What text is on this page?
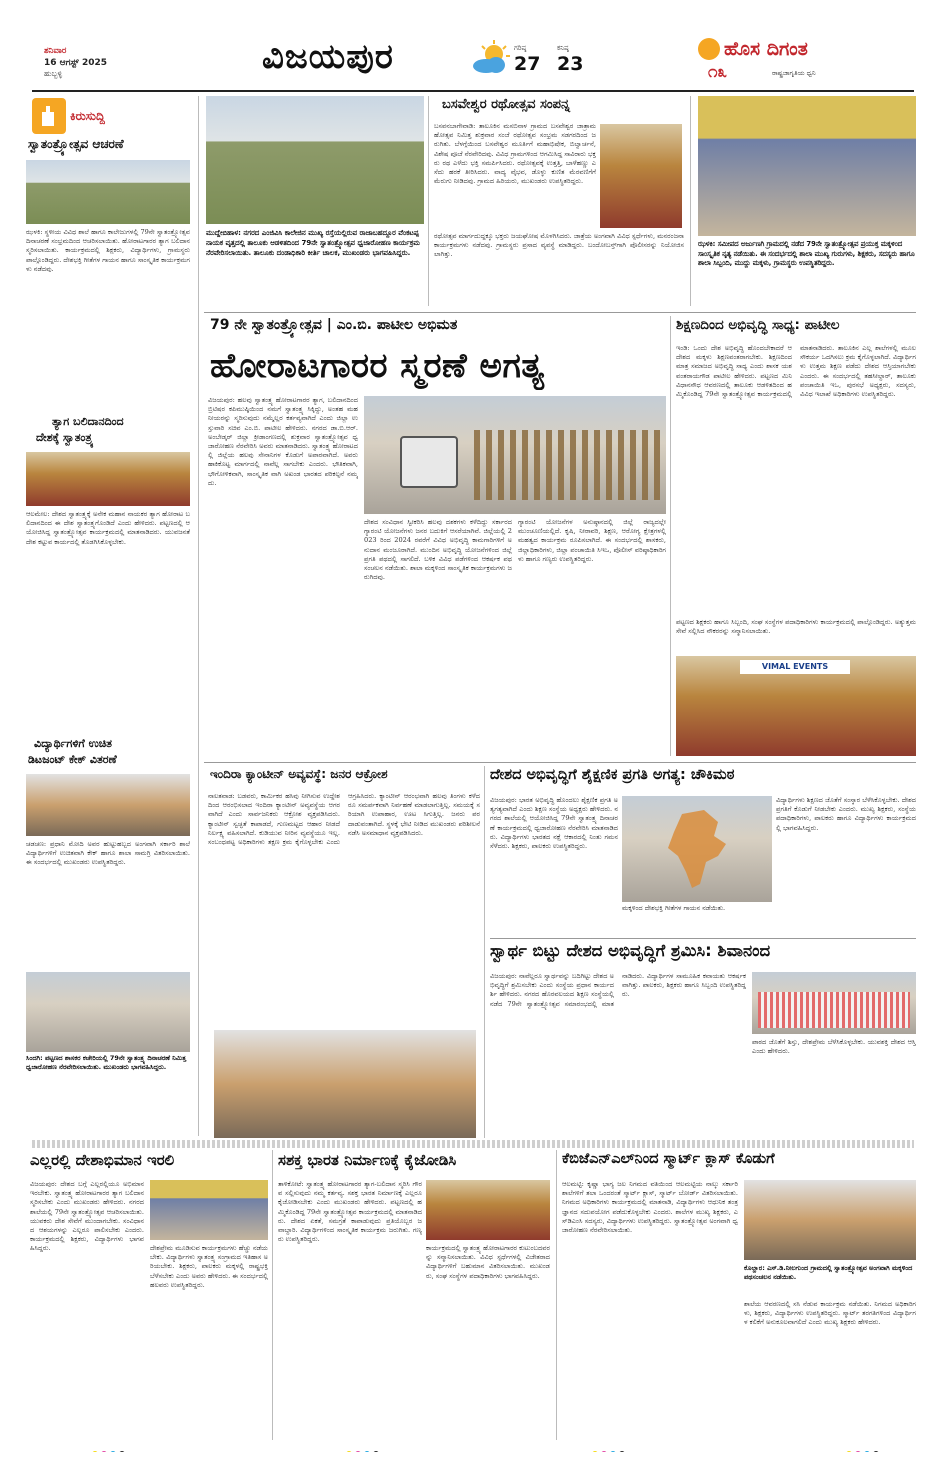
ಶನಿವಾರ
16 ಆಗಸ್ಟ್ 2025
ಹುಬ್ಬಳ್ಳಿ	ವಿಜಯಪುರ	ಗರಿಷ್ಠ
27
ಕನಿಷ್ಠ
23
ಹೊಸ ದಿಗಂತ
೧೩	ರಾಷ್ಟ್ರಜಾಗೃತಿಯ ಧ್ವನಿ
ಕಿರುಸುದ್ದಿ
ಸ್ವಾತಂತ್ರ್ಯೋತ್ಸವ ಆಚರಣೆ
ಝಳಕಿ: ಸ್ಥಳೀಯ ವಿವಿಧ ಶಾಲೆ ಹಾಗೂ ಕಾಲೇಜುಗಳಲ್ಲಿ 79ನೇ ಸ್ವಾತಂತ್ರ್ಯೋತ್ಸವ ದಿನಾಚರಣೆ ಸಂಭ್ರಮದಿಂದ ಆಚರಿಸಲಾಯಿತು. ಹೋರಾಟಗಾರರ ತ್ಯಾಗ ಬಲಿದಾನ ಸ್ಮರಿಸಲಾಯಿತು. ಕಾರ್ಯಕ್ರಮದಲ್ಲಿ ಶಿಕ್ಷಕರು, ವಿದ್ಯಾರ್ಥಿಗಳು, ಗ್ರಾಮಸ್ಥರು ಪಾಲ್ಗೊಂಡಿದ್ದರು. ದೇಶಭಕ್ತಿ ಗೀತೆಗಳ ಗಾಯನ ಹಾಗೂ ಸಾಂಸ್ಕೃತಿಕ ಕಾರ್ಯಕ್ರಮಗಳು ನಡೆದವು.
ತ್ಯಾಗ ಬಲಿದಾನದಿಂದ
ದೇಶಕ್ಕೆ ಸ್ವಾತಂತ್ರ್ಯ
ಆಲಮೇಲ: ದೇಶದ ಸ್ವಾತಂತ್ರ್ಯಕ್ಕೆ ಅನೇಕ ಮಹಾನ ನಾಯಕರ ತ್ಯಾಗ ಹೋರಾಟ ಬಲಿದಾನದಿಂದ ಈ ದೇಶ ಸ್ವಾತಂತ್ರ್ಯಗೊಂಡಿದೆ ಎಂದು ಹೇಳಿದರು. ಪಟ್ಟಣದಲ್ಲಿ ಆಯೋಜಿಸಿದ್ದ ಸ್ವಾತಂತ್ರ್ಯೋತ್ಸವ ಕಾರ್ಯಕ್ರಮದಲ್ಲಿ ಮಾತನಾಡಿದರು. ಯುವಜನತೆ ದೇಶ ಕಟ್ಟುವ ಕಾರ್ಯದಲ್ಲಿ ತೊಡಗಿಸಿಕೊಳ್ಳಬೇಕು.
ವಿದ್ಯಾರ್ಥಿಗಳಿಗೆ ಉಚಿತ
ಡಿಟಜಂಟ್ ಕೇಕ್ ವಿತರಣೆ
ಚಡಚಣ: ಪ್ರಧಾನಿ ಮೋದಿ ಅವರ ಹುಟ್ಟುಹಬ್ಬದ ಅಂಗವಾಗಿ ಸರ್ಕಾರಿ ಶಾಲೆ ವಿದ್ಯಾರ್ಥಿಗಳಿಗೆ ಉಚಿತವಾಗಿ ಕೇಕ್ ಹಾಗೂ ಶಾಲಾ ಸಾಮಗ್ರಿ ವಿತರಿಸಲಾಯಿತು. ಈ ಸಂದರ್ಭದಲ್ಲಿ ಮುಖಂಡರು ಉಪಸ್ಥಿತರಿದ್ದರು.
ಸಿಂದಗಿ: ಪಟ್ಟಣದ ಶಾಸಕರ ಕಚೇರಿಯಲ್ಲಿ 79ನೇ ಸ್ವಾತಂತ್ರ್ಯ ದಿನಾಚರಣೆ ನಿಮಿತ್ತ ಧ್ವಜಾರೋಹಣ ನೆರವೇರಿಸಲಾಯಿತು. ಮುಖಂಡರು ಭಾಗವಹಿಸಿದ್ದರು.
ಮುದ್ದೇಬಿಹಾಳ: ನಗರದ ಎಂಜಿವಿಸಿ ಕಾಲೇಜಿನ ಮುಖ್ಯ ರಸ್ತೆಯಲ್ಲಿರುವ ರಾಜಾಬಹದ್ದೂರ ವೆಂಕಟಪ್ಪ ನಾಯಕ ವೃತ್ತದಲ್ಲಿ ತಾಲೂಕು ಆಡಳಿತದಿಂದ 79ನೇ ಸ್ವಾತಂತ್ರ್ಯೋತ್ಸವ ಧ್ವಜಾರೋಹಣ ಕಾರ್ಯಕ್ರಮ ನೆರವೇರಿಸಲಾಯಿತು. ತಾಲೂಕು ದಂಡಾಧಿಕಾರಿ ಕೀರ್ತಿ ಚಾಲಕ, ಮುಖಂಡರು ಭಾಗವಹಿಸಿದ್ದರು.
ಬಸವೇಶ್ವರ ರಥೋತ್ಸವ ಸಂಪನ್ನ
ಬಸವನಬಾಗೇವಾಡಿ: ತಾಲೂಕಿನ ಮಸಬಿನಾಳ ಗ್ರಾಮದ ಬಸವೇಶ್ವರ ಜಾತ್ರಾಮಹೋತ್ಸವ ನಿಮಿತ್ತ ಶುಕ್ರವಾರ ಸಂಜೆ ರಥೋತ್ಸವ ಸಂಭ್ರಮ ಸಡಗರದಿಂದ ಜರುಗಿತು. ಬೆಳಗ್ಗೆಯಿಂದ ಬಸವೇಶ್ವರ ಮೂರ್ತಿಗೆ ಮಹಾಭಿಷೇಕ, ಬಿಲ್ವಾರ್ಚನೆ, ವಿಶೇಷ ಪೂಜೆ ನೆರವೇರಿದವು. ವಿವಿಧ ಗ್ರಾಮಗಳಿಂದ ಆಗಮಿಸಿದ್ದ ಸಾವಿರಾರು ಭಕ್ತರು ರಥ ಎಳೆದು ಭಕ್ತಿ ಸಮರ್ಪಿಸಿದರು. ರಥೋತ್ಸವಕ್ಕೆ ಉತ್ತತ್ತಿ, ಬಾಳೆಹಣ್ಣು ಎಸೆದು ಹರಕೆ ತೀರಿಸಿದರು. ವಾದ್ಯ ವೈಭವ, ಡೊಳ್ಳು ಕುಣಿತ ಮೆರವಣಿಗೆಗೆ ಮೆರುಗು ನೀಡಿದವು. ಗ್ರಾಮದ ಹಿರಿಯರು, ಮುಖಂಡರು ಉಪಸ್ಥಿತರಿದ್ದರು.
ರಥೋತ್ಸವ ಮಾರ್ಗದುದ್ದಕ್ಕೂ ಭಕ್ತರು ಜಯಘೋಷ ಮೊಳಗಿಸಿದರು. ಜಾತ್ರೆಯ ಅಂಗವಾಗಿ ವಿವಿಧ ಸ್ಪರ್ಧೆಗಳು, ಮನರಂಜನಾ ಕಾರ್ಯಕ್ರಮಗಳು ನಡೆದವು. ಗ್ರಾಮಸ್ಥರು ಪ್ರಸಾದ ವ್ಯವಸ್ಥೆ ಮಾಡಿದ್ದರು. ಬಂದೋಬಸ್ತ್‌ಗಾಗಿ ಪೊಲೀಸರನ್ನು ನಿಯೋಜಿಸಲಾಗಿತ್ತು.
ಝಳಕಿ: ಸಮೀಪದ ಅರ್ಜುಣಗಿ ಗ್ರಾಮದಲ್ಲಿ ನಡೆದ 79ನೇ ಸ್ವಾತಂತ್ರ್ಯೋತ್ಸವ ಪ್ರಯುಕ್ತ ಮಕ್ಕಳಿಂದ ಸಾಂಸ್ಕೃತಿಕ ನೃತ್ಯ ನಡೆಯಿತು. ಈ ಸಂದರ್ಭದಲ್ಲಿ ಶಾಲಾ ಮುಖ್ಯ ಗುರುಗಳು, ಶಿಕ್ಷಕರು, ಸದಸ್ಯರು ಹಾಗೂ ಶಾಲಾ ಸಿಬ್ಬಂದಿ, ಮುದ್ದು ಮಕ್ಕಳು, ಗ್ರಾಮಸ್ಥರು ಉಪಸ್ಥಿತರಿದ್ದರು.
79 ನೇ ಸ್ವಾತಂತ್ರ್ಯೋತ್ಸವ | ಎಂ.ಬಿ. ಪಾಟೀಲ ಅಭಿಮತ
ಹೋರಾಟಗಾರರ ಸ್ಮರಣೆ ಅಗತ್ಯ
ವಿಜಯಪುರ: ಹಲವು ಸ್ವಾತಂತ್ರ್ಯ ಹೋರಾಟಗಾರರ ತ್ಯಾಗ, ಬಲಿದಾನದಿಂದ ಬ್ರಿಟಿಷರ ಕಪಿಮುಷ್ಠಿಯಿಂದ ನಮಗೆ ಸ್ವಾತಂತ್ರ್ಯ ಸಿಕ್ಕಿದ್ದು, ಅಂತಹ ಮಹನೀಯರನ್ನು ಸ್ಮರಿಸುವುದು ನಮ್ಮೆಲ್ಲರ ಕರ್ತವ್ಯವಾಗಿದೆ ಎಂದು ಜಿಲ್ಲಾ ಉಸ್ತುವಾರಿ ಸಚಿವ ಎಂ.ಬಿ. ಪಾಟೀಲ ಹೇಳಿದರು. ನಗರದ ಡಾ.ಬಿ.ಆರ್. ಅಂಬೇಡ್ಕರ್ ಜಿಲ್ಲಾ ಕ್ರೀಡಾಂಗಣದಲ್ಲಿ ಶುಕ್ರವಾರ ಸ್ವಾತಂತ್ರ್ಯೋತ್ಸವ ಧ್ವಜಾರೋಹಣ ನೆರವೇರಿಸಿ ಅವರು ಮಾತನಾಡಿದರು. ಸ್ವಾತಂತ್ರ್ಯ ಹೋರಾಟದಲ್ಲಿ ಜಿಲ್ಲೆಯ ಹಲವು ಸೇನಾನಿಗಳ ಕೊಡುಗೆ ಅಪಾರವಾಗಿದೆ. ಅವರು ಹಾಕಿಕೊಟ್ಟ ಮಾರ್ಗದಲ್ಲಿ ನಾವೆಲ್ಲ ಸಾಗಬೇಕು ಎಂದರು. ಭೌತಿಕವಾಗಿ, ಭೌಗೋಳಿಕವಾಗಿ, ಸಾಂಸ್ಕೃತಿಕ ವಾಗಿ ಅಖಂಡ ಭಾರತದ ಪರಿಕಲ್ಪನೆ ನಮ್ಮದು.
ದೇಶದ ಸಂವಿಧಾನ ಸ್ವೀಕರಿಸಿ ಹಲವು ದಶಕಗಳು ಕಳೆದಿದ್ದು ಸರ್ಕಾರದ ಗ್ಯಾರಂಟಿ ಯೋಜನೆಗಳು ಜನರ ಬದುಕಿಗೆ ಆಸರೆಯಾಗಿವೆ. ಜಿಲ್ಲೆಯಲ್ಲಿ 2023 ರಿಂದ 2024 ರವರೆಗೆ ವಿವಿಧ ಅಭಿವೃದ್ಧಿ ಕಾಮಗಾರಿಗಳಿಗೆ ಅನುದಾನ ಮಂಜೂರಾಗಿದೆ. ಮುಂದಿನ ಅಭಿವೃದ್ಧಿ ಯೋಜನೆಗಳಿಂದ ಜಿಲ್ಲೆ ಪ್ರಗತಿ ಪಥದಲ್ಲಿ ಸಾಗಲಿದೆ. ಬಳಿಕ ವಿವಿಧ ಪಡೆಗಳಿಂದ ಆಕರ್ಷಕ ಪಥಸಂಚಲನ ನಡೆಯಿತು. ಶಾಲಾ ಮಕ್ಕಳಿಂದ ಸಾಂಸ್ಕೃತಿಕ ಕಾರ್ಯಕ್ರಮಗಳು ಜರುಗಿದವು.
ಗ್ಯಾರಂಟಿ ಯೋಜನೆಗಳ ಅನುಷ್ಠಾನದಲ್ಲಿ ಜಿಲ್ಲೆ ರಾಜ್ಯದಲ್ಲೇ ಮುಂಚೂಣಿಯಲ್ಲಿದೆ. ಕೃಷಿ, ನೀರಾವರಿ, ಶಿಕ್ಷಣ, ಆರೋಗ್ಯ ಕ್ಷೇತ್ರಗಳಲ್ಲಿ ಮಹತ್ವದ ಕಾರ್ಯಕ್ರಮ ರೂಪಿಸಲಾಗಿದೆ. ಈ ಸಂದರ್ಭದಲ್ಲಿ ಶಾಸಕರು, ಜಿಲ್ಲಾಧಿಕಾರಿಗಳು, ಜಿಲ್ಲಾ ಪಂಚಾಯಿತಿ ಸಿಇಒ, ಪೊಲೀಸ್ ವರಿಷ್ಠಾಧಿಕಾರಿಗಳು ಹಾಗೂ ಗಣ್ಯರು ಉಪಸ್ಥಿತರಿದ್ದರು.
ಶಿಕ್ಷಣದಿಂದ ಅಭಿವೃದ್ಧಿ ಸಾಧ್ಯ: ಪಾಟೀಲ
ಇಂಡಿ: ಒಂದು ದೇಶ ಅಭಿವೃದ್ಧಿ ಹೊಂದಬೇಕಾದರೆ ಆ ದೇಶದ ಮಕ್ಕಳು ಶಿಕ್ಷಣವಂತರಾಗಬೇಕು. ಶಿಕ್ಷಣದಿಂದ ಮಾತ್ರ ಸಮಾಜದ ಅಭಿವೃದ್ಧಿ ಸಾಧ್ಯ ಎಂದು ಶಾಸಕ ಯಶವಂತರಾಯಗೌಡ ಪಾಟೀಲ ಹೇಳಿದರು. ಪಟ್ಟಣದ ಮಿನಿ ವಿಧಾನಸೌಧ ಆವರಣದಲ್ಲಿ ತಾಲೂಕು ಆಡಳಿತದಿಂದ ಹಮ್ಮಿಕೊಂಡಿದ್ದ 79ನೇ ಸ್ವಾತಂತ್ರ್ಯೋತ್ಸವ ಕಾರ್ಯಕ್ರಮದಲ್ಲಿ ಮಾತನಾಡಿದರು. ತಾಲೂಕಿನ ಎಲ್ಲ ಶಾಲೆಗಳಲ್ಲಿ ಮೂಲ ಸೌಕರ್ಯ ಒದಗಿಸಲು ಕ್ರಮ ಕೈಗೊಳ್ಳಲಾಗಿದೆ. ವಿದ್ಯಾರ್ಥಿಗಳು ಉತ್ತಮ ಶಿಕ್ಷಣ ಪಡೆದು ದೇಶದ ಆಸ್ತಿಯಾಗಬೇಕು ಎಂದರು. ಈ ಸಂದರ್ಭದಲ್ಲಿ ತಹಸೀಲ್ದಾರ್, ತಾಲೂಕು ಪಂಚಾಯಿತಿ ಇಒ, ಪುರಸಭೆ ಅಧ್ಯಕ್ಷರು, ಸದಸ್ಯರು, ವಿವಿಧ ಇಲಾಖೆ ಅಧಿಕಾರಿಗಳು ಉಪಸ್ಥಿತರಿದ್ದರು.
VIMAL EVENTS
ಪಟ್ಟಣದ ಶಿಕ್ಷಕರು ಹಾಗೂ ಸಿಬ್ಬಂದಿ, ಸಂಘ ಸಂಸ್ಥೆಗಳ ಪದಾಧಿಕಾರಿಗಳು ಕಾರ್ಯಕ್ರಮದಲ್ಲಿ ಪಾಲ್ಗೊಂಡಿದ್ದರು. ಅತ್ಯುತ್ತಮ ಸೇವೆ ಸಲ್ಲಿಸಿದ ನೌಕರರನ್ನು ಸನ್ಮಾನಿಸಲಾಯಿತು.
ಇಂದಿರಾ ಕ್ಯಾಂಟೀನ್ ಅವ್ಯವಸ್ಥೆ: ಜನರ ಆಕ್ರೋಶ
ನಾಲತವಾಡ: ಬಡವರು, ಕಾರ್ಮಿಕರ ಹಸಿವು ನೀಗಿಸುವ ಉದ್ದೇಶದಿಂದ ಆರಂಭಿಸಲಾದ ಇಂದಿರಾ ಕ್ಯಾಂಟೀನ್ ಅವ್ಯವಸ್ಥೆಯ ಆಗರವಾಗಿದೆ ಎಂದು ಸಾರ್ವಜನಿಕರು ಆಕ್ರೋಶ ವ್ಯಕ್ತಪಡಿಸಿದರು. ಕ್ಯಾಂಟೀನ್ ಸ್ವಚ್ಛತೆ ಕಾಪಾಡದೆ, ಗುಣಮಟ್ಟದ ಆಹಾರ ನೀಡದೆ ನಿರ್ಲಕ್ಷ್ಯ ವಹಿಸಲಾಗಿದೆ. ಕುಡಿಯುವ ನೀರಿನ ವ್ಯವಸ್ಥೆಯೂ ಇಲ್ಲ. ಸಂಬಂಧಪಟ್ಟ ಅಧಿಕಾರಿಗಳು ತಕ್ಷಣ ಕ್ರಮ ಕೈಗೊಳ್ಳಬೇಕು ಎಂದು ಆಗ್ರಹಿಸಿದರು. ಕ್ಯಾಂಟೀನ್ ಆರಂಭವಾಗಿ ಹಲವು ತಿಂಗಳು ಕಳೆದರೂ ಸಮರ್ಪಕವಾಗಿ ನಿರ್ವಹಣೆ ಮಾಡಲಾಗುತ್ತಿಲ್ಲ. ಸಮಯಕ್ಕೆ ಸರಿಯಾಗಿ ಉಪಾಹಾರ, ಊಟ ಸಿಗುತ್ತಿಲ್ಲ. ಜನರು ಪರದಾಡುವಂತಾಗಿದೆ. ಸ್ಥಳಕ್ಕೆ ಭೇಟಿ ನೀಡಿದ ಮುಖಂಡರು ಪರಿಶೀಲನೆ ನಡೆಸಿ ಅಸಮಾಧಾನ ವ್ಯಕ್ತಪಡಿಸಿದರು.
ದೇಶದ ಅಭಿವೃದ್ಧಿಗೆ ಶೈಕ್ಷಣಿಕ ಪ್ರಗತಿ ಅಗತ್ಯ: ಚೌಕಿಮಠ
ವಿಜಯಪುರ: ಭಾರತ ಅಭಿವೃದ್ಧಿ ಹೊಂದಲು ಶೈಕ್ಷಣಿಕ ಪ್ರಗತಿ ಅತ್ಯಗತ್ಯವಾಗಿದೆ ಎಂದು ಶಿಕ್ಷಣ ಸಂಸ್ಥೆಯ ಅಧ್ಯಕ್ಷರು ಹೇಳಿದರು. ನಗರದ ಶಾಲೆಯಲ್ಲಿ ಆಯೋಜಿಸಿದ್ದ 79ನೇ ಸ್ವಾತಂತ್ರ್ಯ ದಿನಾಚರಣೆ ಕಾರ್ಯಕ್ರಮದಲ್ಲಿ ಧ್ವಜಾರೋಹಣ ನೆರವೇರಿಸಿ ಮಾತನಾಡಿದರು. ವಿದ್ಯಾರ್ಥಿಗಳು ಭಾರತದ ನಕ್ಷೆ ಆಕಾರದಲ್ಲಿ ನಿಂತು ಗಮನ ಸೆಳೆದರು. ಶಿಕ್ಷಕರು, ಪಾಲಕರು ಉಪಸ್ಥಿತರಿದ್ದರು.
ವಿದ್ಯಾರ್ಥಿಗಳು ಶಿಕ್ಷಣದ ಜೊತೆಗೆ ಸಂಸ್ಕಾರ ಬೆಳೆಸಿಕೊಳ್ಳಬೇಕು. ದೇಶದ ಪ್ರಗತಿಗೆ ಕೊಡುಗೆ ನೀಡಬೇಕು ಎಂದರು. ಮುಖ್ಯ ಶಿಕ್ಷಕರು, ಸಂಸ್ಥೆಯ ಪದಾಧಿಕಾರಿಗಳು, ಪಾಲಕರು ಹಾಗೂ ವಿದ್ಯಾರ್ಥಿಗಳು ಕಾರ್ಯಕ್ರಮದಲ್ಲಿ ಭಾಗವಹಿಸಿದ್ದರು.
ಮಕ್ಕಳಿಂದ ದೇಶಭಕ್ತಿ ಗೀತೆಗಳ ಗಾಯನ ನಡೆಯಿತು.
ಸ್ವಾರ್ಥ ಬಿಟ್ಟು ದೇಶದ ಅಭಿವೃದ್ಧಿಗೆ ಶ್ರಮಿಸಿ: ಶಿವಾನಂದ
ವಿಜಯಪುರ: ನಾವೆಲ್ಲರೂ ಸ್ವಾರ್ಥವನ್ನು ಬದಿಗಿಟ್ಟು ದೇಶದ ಅಭಿವೃದ್ಧಿಗೆ ಶ್ರಮಿಸಬೇಕು ಎಂದು ಸಂಸ್ಥೆಯ ಪ್ರಧಾನ ಕಾರ್ಯದರ್ಶಿ ಹೇಳಿದರು. ನಗರದ ಹೊರವಲಯದ ಶಿಕ್ಷಣ ಸಂಸ್ಥೆಯಲ್ಲಿ ನಡೆದ 79ನೇ ಸ್ವಾತಂತ್ರ್ಯೋತ್ಸವ ಸಮಾರಂಭದಲ್ಲಿ ಮಾತನಾಡಿದರು. ವಿದ್ಯಾರ್ಥಿಗಳ ಸಾಮೂಹಿಕ ಕವಾಯತು ಆಕರ್ಷಕವಾಗಿತ್ತು. ಪಾಲಕರು, ಶಿಕ್ಷಕರು ಹಾಗೂ ಸಿಬ್ಬಂದಿ ಉಪಸ್ಥಿತರಿದ್ದರು.
ಪಾಠದ ಜೊತೆಗೆ ಶಿಸ್ತು, ದೇಶಪ್ರೇಮ ಬೆಳೆಸಿಕೊಳ್ಳಬೇಕು. ಯುವಶಕ್ತಿ ದೇಶದ ಆಸ್ತಿ ಎಂದು ಹೇಳಿದರು.
ಎಲ್ಲರಲ್ಲಿ ದೇಶಾಭಿಮಾನ ಇರಲಿ
ವಿಜಯಪುರ: ದೇಶದ ಬಗ್ಗೆ ಎಲ್ಲರಲ್ಲಿಯೂ ಅಭಿಮಾನ ಇರಬೇಕು. ಸ್ವಾತಂತ್ರ್ಯ ಹೋರಾಟಗಾರರ ತ್ಯಾಗ ಬಲಿದಾನ ಸ್ಮರಿಸಬೇಕು ಎಂದು ಮುಖಂಡರು ಹೇಳಿದರು. ನಗರದ ಶಾಲೆಯಲ್ಲಿ 79ನೇ ಸ್ವಾತಂತ್ರ್ಯೋತ್ಸವ ಆಚರಿಸಲಾಯಿತು. ಯುವಕರು ದೇಶ ಸೇವೆಗೆ ಮುಂದಾಗಬೇಕು. ಸಂವಿಧಾನದ ಆಶಯಗಳನ್ನು ಎಲ್ಲರೂ ಪಾಲಿಸಬೇಕು ಎಂದರು. ಕಾರ್ಯಕ್ರಮದಲ್ಲಿ ಶಿಕ್ಷಕರು, ವಿದ್ಯಾರ್ಥಿಗಳು ಭಾಗವಹಿಸಿದ್ದರು.	ದೇಶಪ್ರೇಮ ಮೂಡಿಸುವ ಕಾರ್ಯಕ್ರಮಗಳು ಹೆಚ್ಚು ನಡೆಯಬೇಕು. ವಿದ್ಯಾರ್ಥಿಗಳು ಸ್ವಾತಂತ್ರ್ಯ ಸಂಗ್ರಾಮದ ಇತಿಹಾಸ ಅರಿಯಬೇಕು. ಶಿಕ್ಷಕರು, ಪಾಲಕರು ಮಕ್ಕಳಲ್ಲಿ ರಾಷ್ಟ್ರಭಕ್ತಿ ಬೆಳೆಸಬೇಕು ಎಂದು ಅವರು ಹೇಳಿದರು. ಈ ಸಂದರ್ಭದಲ್ಲಿ ಹಲವರು ಉಪಸ್ಥಿತರಿದ್ದರು.
ಸಶಕ್ತ ಭಾರತ ನಿರ್ಮಾಣಕ್ಕೆ ಕೈಜೋಡಿಸಿ
ತಾಳಿಕೋಟೆ: ಸ್ವಾತಂತ್ರ್ಯ ಹೋರಾಟಗಾರರ ತ್ಯಾಗ-ಬಲಿದಾನ ಸ್ಮರಿಸಿ ಗೌರವ ಸಲ್ಲಿಸುವುದು ನಮ್ಮ ಕರ್ತವ್ಯ. ಸಶಕ್ತ ಭಾರತ ನಿರ್ಮಾಣಕ್ಕೆ ಎಲ್ಲರೂ ಕೈಜೋಡಿಸಬೇಕು ಎಂದು ಮುಖಂಡರು ಹೇಳಿದರು. ಪಟ್ಟಣದಲ್ಲಿ ಹಮ್ಮಿಕೊಂಡಿದ್ದ 79ನೇ ಸ್ವಾತಂತ್ರ್ಯೋತ್ಸವ ಕಾರ್ಯಕ್ರಮದಲ್ಲಿ ಮಾತನಾಡಿದರು. ದೇಶದ ಏಕತೆ, ಸಮಗ್ರತೆ ಕಾಪಾಡುವುದು ಪ್ರತಿಯೊಬ್ಬರ ಜವಾಬ್ದಾರಿ. ವಿದ್ಯಾರ್ಥಿಗಳಿಂದ ಸಾಂಸ್ಕೃತಿಕ ಕಾರ್ಯಕ್ರಮ ಜರುಗಿತು. ಗಣ್ಯರು ಉಪಸ್ಥಿತರಿದ್ದರು.
ಕಾರ್ಯಕ್ರಮದಲ್ಲಿ ಸ್ವಾತಂತ್ರ್ಯ ಹೋರಾಟಗಾರರ ಕುಟುಂಬದವರನ್ನು ಸನ್ಮಾನಿಸಲಾಯಿತು. ವಿವಿಧ ಸ್ಪರ್ಧೆಗಳಲ್ಲಿ ವಿಜೇತರಾದ ವಿದ್ಯಾರ್ಥಿಗಳಿಗೆ ಬಹುಮಾನ ವಿತರಿಸಲಾಯಿತು. ಮುಖಂಡರು, ಸಂಘ ಸಂಸ್ಥೆಗಳ ಪದಾಧಿಕಾರಿಗಳು ಭಾಗವಹಿಸಿದ್ದರು.
ಕೆಬಿಜೆಎನ್ಎಲ್‌ನಿಂದ ಸ್ಮಾರ್ಟ್ ಕ್ಲಾಸ್ ಕೊಡುಗೆ
ಆಲಮಟ್ಟಿ: ಕೃಷ್ಣಾ ಭಾಗ್ಯ ಜಲ ನಿಗಮದ ವತಿಯಿಂದ ಆಲಮಟ್ಟಿಯ ನಾಲ್ಕು ಸರ್ಕಾರಿ ಶಾಲೆಗಳಿಗೆ ತಲಾ ಒಂದರಂತೆ ಸ್ಮಾರ್ಟ್ ಕ್ಲಾಸ್, ಸ್ಮಾರ್ಟ್ ಬೋರ್ಡ್ ವಿತರಿಸಲಾಯಿತು. ನಿಗಮದ ಅಧಿಕಾರಿಗಳು ಕಾರ್ಯಕ್ರಮದಲ್ಲಿ ಮಾತನಾಡಿ, ವಿದ್ಯಾರ್ಥಿಗಳು ಆಧುನಿಕ ತಂತ್ರಜ್ಞಾನದ ಸದುಪಯೋಗ ಪಡೆದುಕೊಳ್ಳಬೇಕು ಎಂದರು. ಶಾಲೆಗಳ ಮುಖ್ಯ ಶಿಕ್ಷಕರು, ಎಸ್‌ಡಿಎಂಸಿ ಸದಸ್ಯರು, ವಿದ್ಯಾರ್ಥಿಗಳು ಉಪಸ್ಥಿತರಿದ್ದರು. ಸ್ವಾತಂತ್ರ್ಯೋತ್ಸವ ಅಂಗವಾಗಿ ಧ್ವಜಾರೋಹಣ ನೆರವೇರಿಸಲಾಯಿತು.
ಕೊಲ್ಹಾರ: ಎಸ್.ಡಿ.ನೀಲಗುಂದ ಗ್ರಾಮದಲ್ಲಿ ಸ್ವಾತಂತ್ರ್ಯೋತ್ಸವ ಅಂಗವಾಗಿ ಮಕ್ಕಳಿಂದ ಪಥಸಂಚಲನ ನಡೆಯಿತು.
ಶಾಲೆಯ ಆವರಣದಲ್ಲಿ ಸಸಿ ನೆಡುವ ಕಾರ್ಯಕ್ರಮ ನಡೆಯಿತು. ನಿಗಮದ ಅಧಿಕಾರಿಗಳು, ಶಿಕ್ಷಕರು, ವಿದ್ಯಾರ್ಥಿಗಳು ಉಪಸ್ಥಿತರಿದ್ದರು. ಸ್ಮಾರ್ಟ್ ತರಗತಿಗಳಿಂದ ವಿದ್ಯಾರ್ಥಿಗಳ ಕಲಿಕೆಗೆ ಅನುಕೂಲವಾಗಲಿದೆ ಎಂದು ಮುಖ್ಯ ಶಿಕ್ಷಕರು ಹೇಳಿದರು.
